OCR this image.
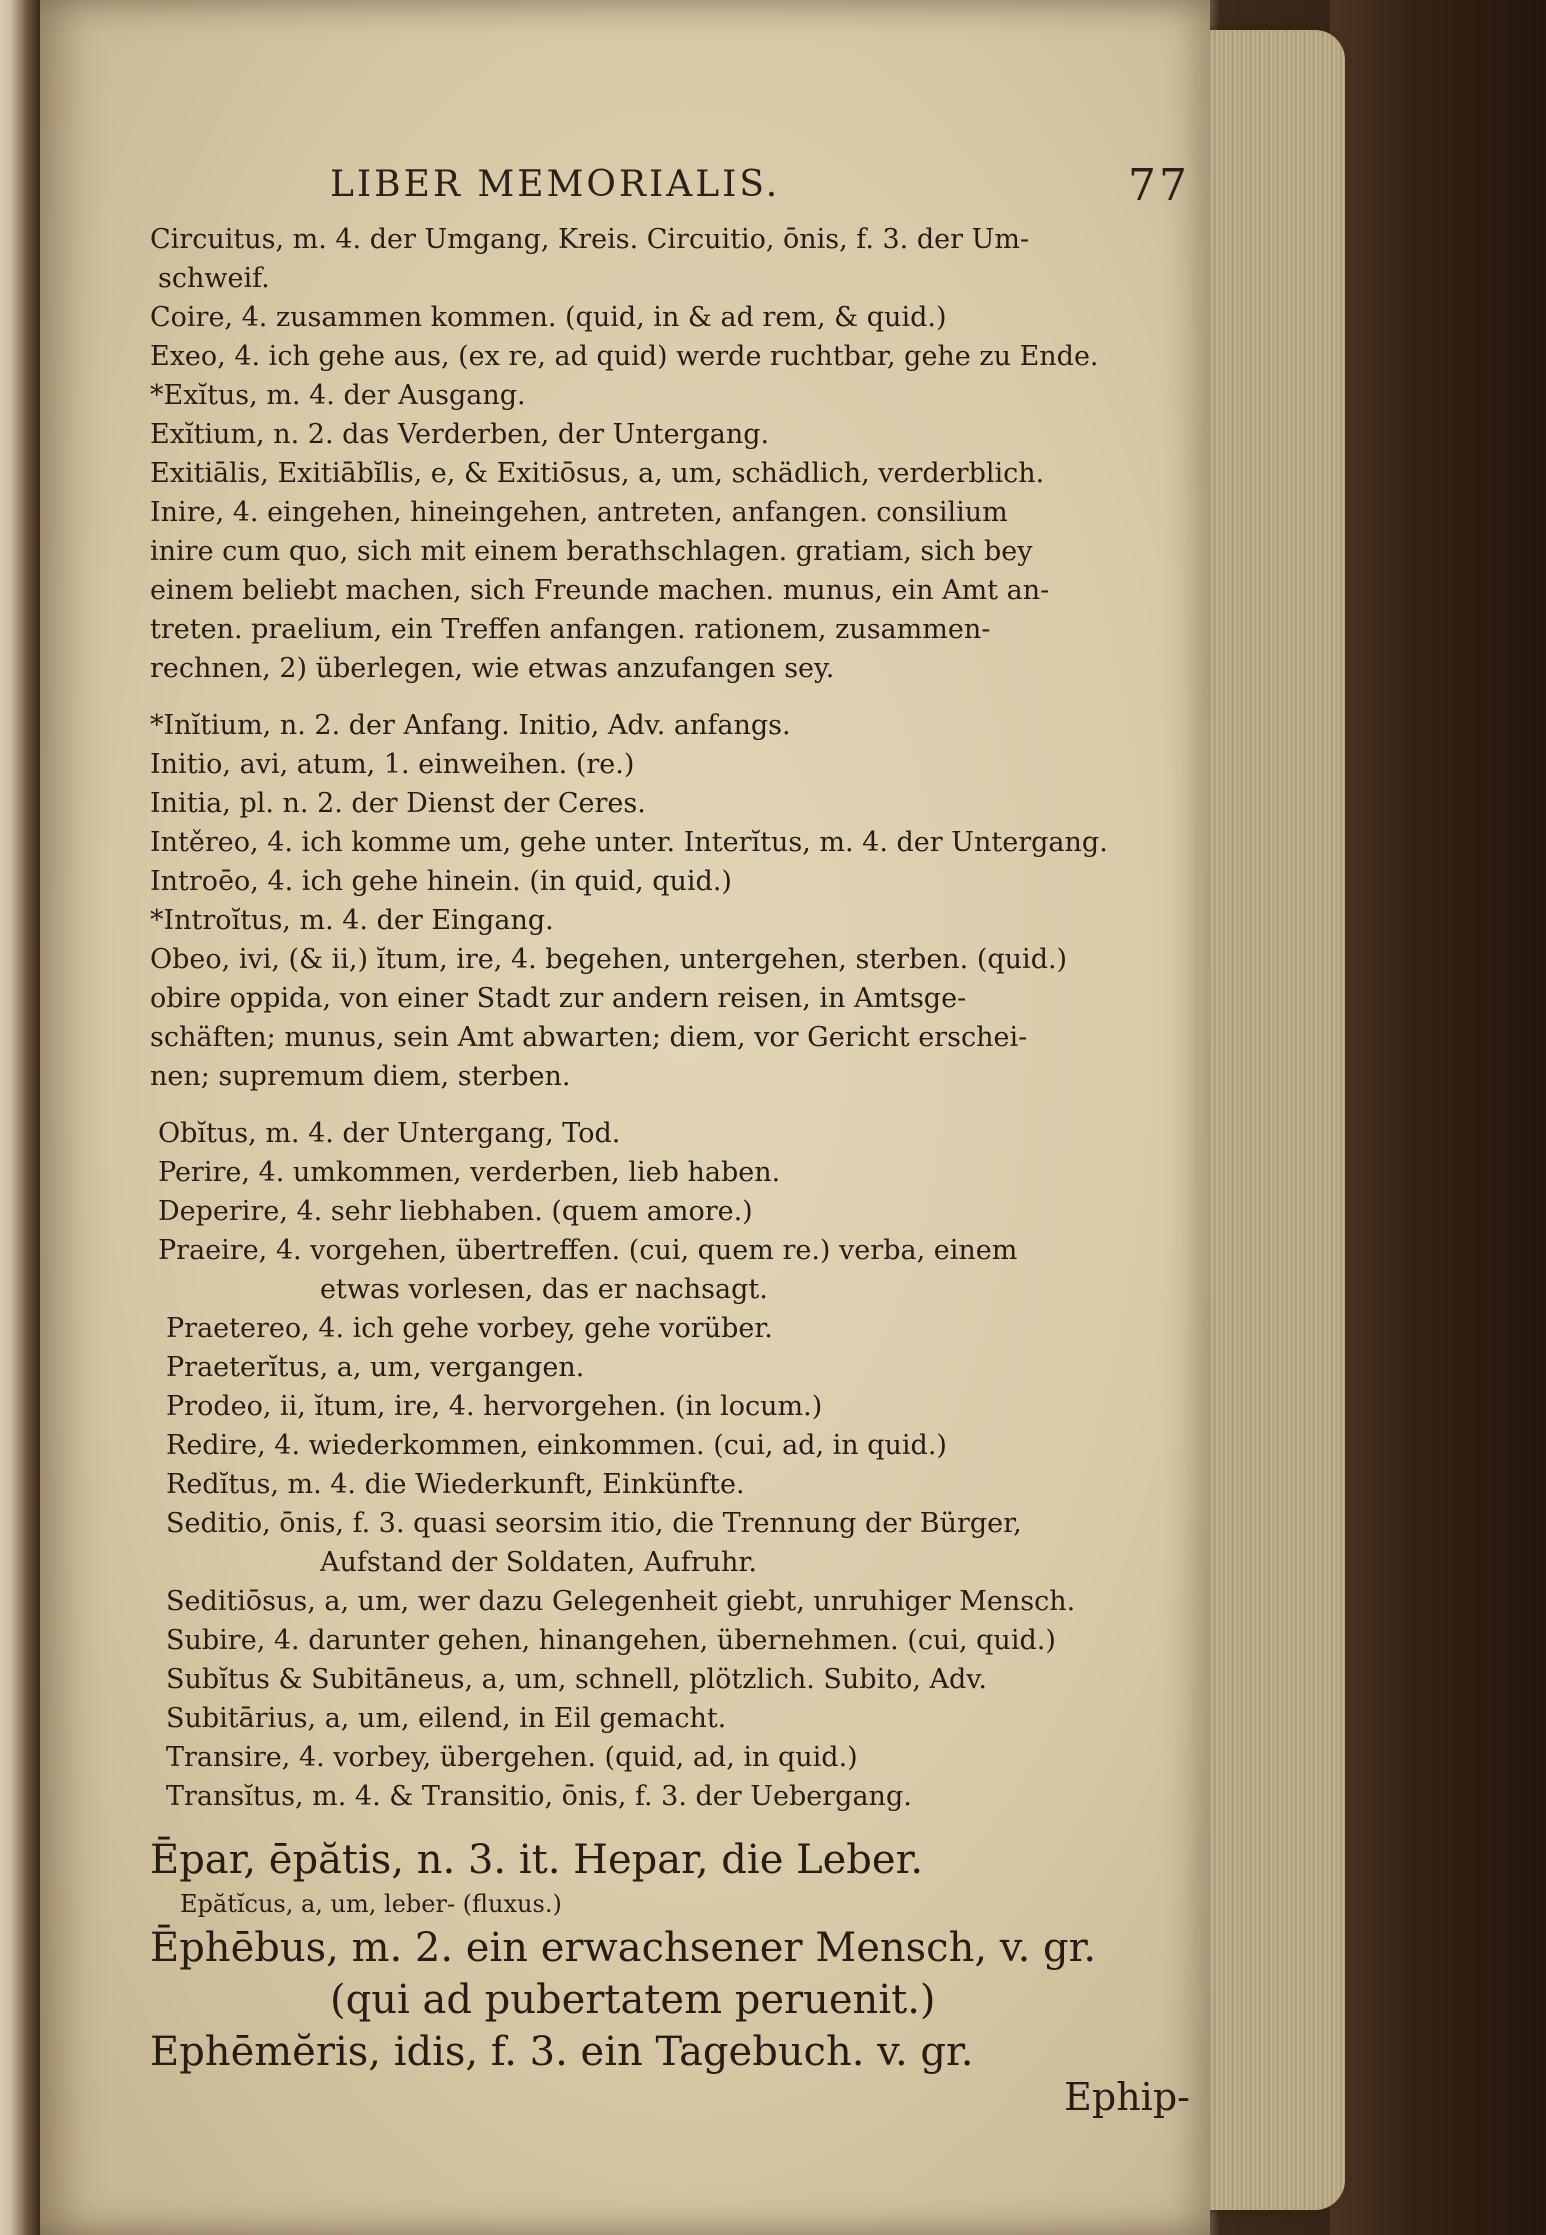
LIBER MEMORIALIS.	77
Circuitus, m. 4. der Umgang, Kreis. Circuitio, ōnis, f. 3. der Um-
schweif.
Coire, 4. zusammen kommen. (quid, in & ad rem, & quid.)
Exeo, 4. ich gehe aus, (ex re, ad quid) werde ruchtbar, gehe zu Ende.
*Exĭtus, m. 4. der Ausgang.
Exĭtium, n. 2. das Verderben, der Untergang.
Exitiālis, Exitiābĭlis, e, & Exitiōsus, a, um, schädlich, verderblich.
Inire, 4. eingehen, hineingehen, antreten, anfangen. consilium
inire cum quo, sich mit einem berathschlagen. gratiam, sich bey
einem beliebt machen, sich Freunde machen. munus, ein Amt an-
treten. praelium, ein Treffen anfangen. rationem, zusammen-
rechnen, 2) überlegen, wie etwas anzufangen sey.
*Inĭtium, n. 2. der Anfang. Initio, Adv. anfangs.
Initio, avi, atum, 1. einweihen. (re.)
Initia, pl. n. 2. der Dienst der Ceres.
Intěreo, 4. ich komme um, gehe unter. Interĭtus, m. 4. der Untergang.
Introēo, 4. ich gehe hinein. (in quid, quid.)
*Introĭtus, m. 4. der Eingang.
Obeo, ivi, (& ii,) ĭtum, ire, 4. begehen, untergehen, sterben. (quid.)
obire oppida, von einer Stadt zur andern reisen, in Amtsge-
schäften; munus, sein Amt abwarten; diem, vor Gericht erschei-
nen; supremum diem, sterben.
Obĭtus, m. 4. der Untergang, Tod.
Perire, 4. umkommen, verderben, lieb haben.
Deperire, 4. sehr liebhaben. (quem amore.)
Praeire, 4. vorgehen, übertreffen. (cui, quem re.) verba, einem
etwas vorlesen, das er nachsagt.
Praetereo, 4. ich gehe vorbey, gehe vorüber.
Praeterĭtus, a, um, vergangen.
Prodeo, ii, ĭtum, ire, 4. hervorgehen. (in locum.)
Redire, 4. wiederkommen, einkommen. (cui, ad, in quid.)
Redĭtus, m. 4. die Wiederkunft, Einkünfte.
Seditio, ōnis, f. 3. quasi seorsim itio, die Trennung der Bürger,
Aufstand der Soldaten, Aufruhr.
Seditiōsus, a, um, wer dazu Gelegenheit giebt, unruhiger Mensch.
Subire, 4. darunter gehen, hinangehen, übernehmen. (cui, quid.)
Subĭtus & Subitāneus, a, um, schnell, plötzlich. Subito, Adv.
Subitārius, a, um, eilend, in Eil gemacht.
Transire, 4. vorbey, übergehen. (quid, ad, in quid.)
Transĭtus, m. 4. & Transitio, ōnis, f. 3. der Uebergang.
Ēpar, ēpătis, n. 3. it. Hepar, die Leber.
Epătĭcus, a, um, leber- (fluxus.)
Ēphēbus, m. 2. ein erwachsener Mensch, v. gr.
(qui ad pubertatem peruenit.)
Ephēmĕris, idis, f. 3. ein Tagebuch. v. gr.
Ephip-
